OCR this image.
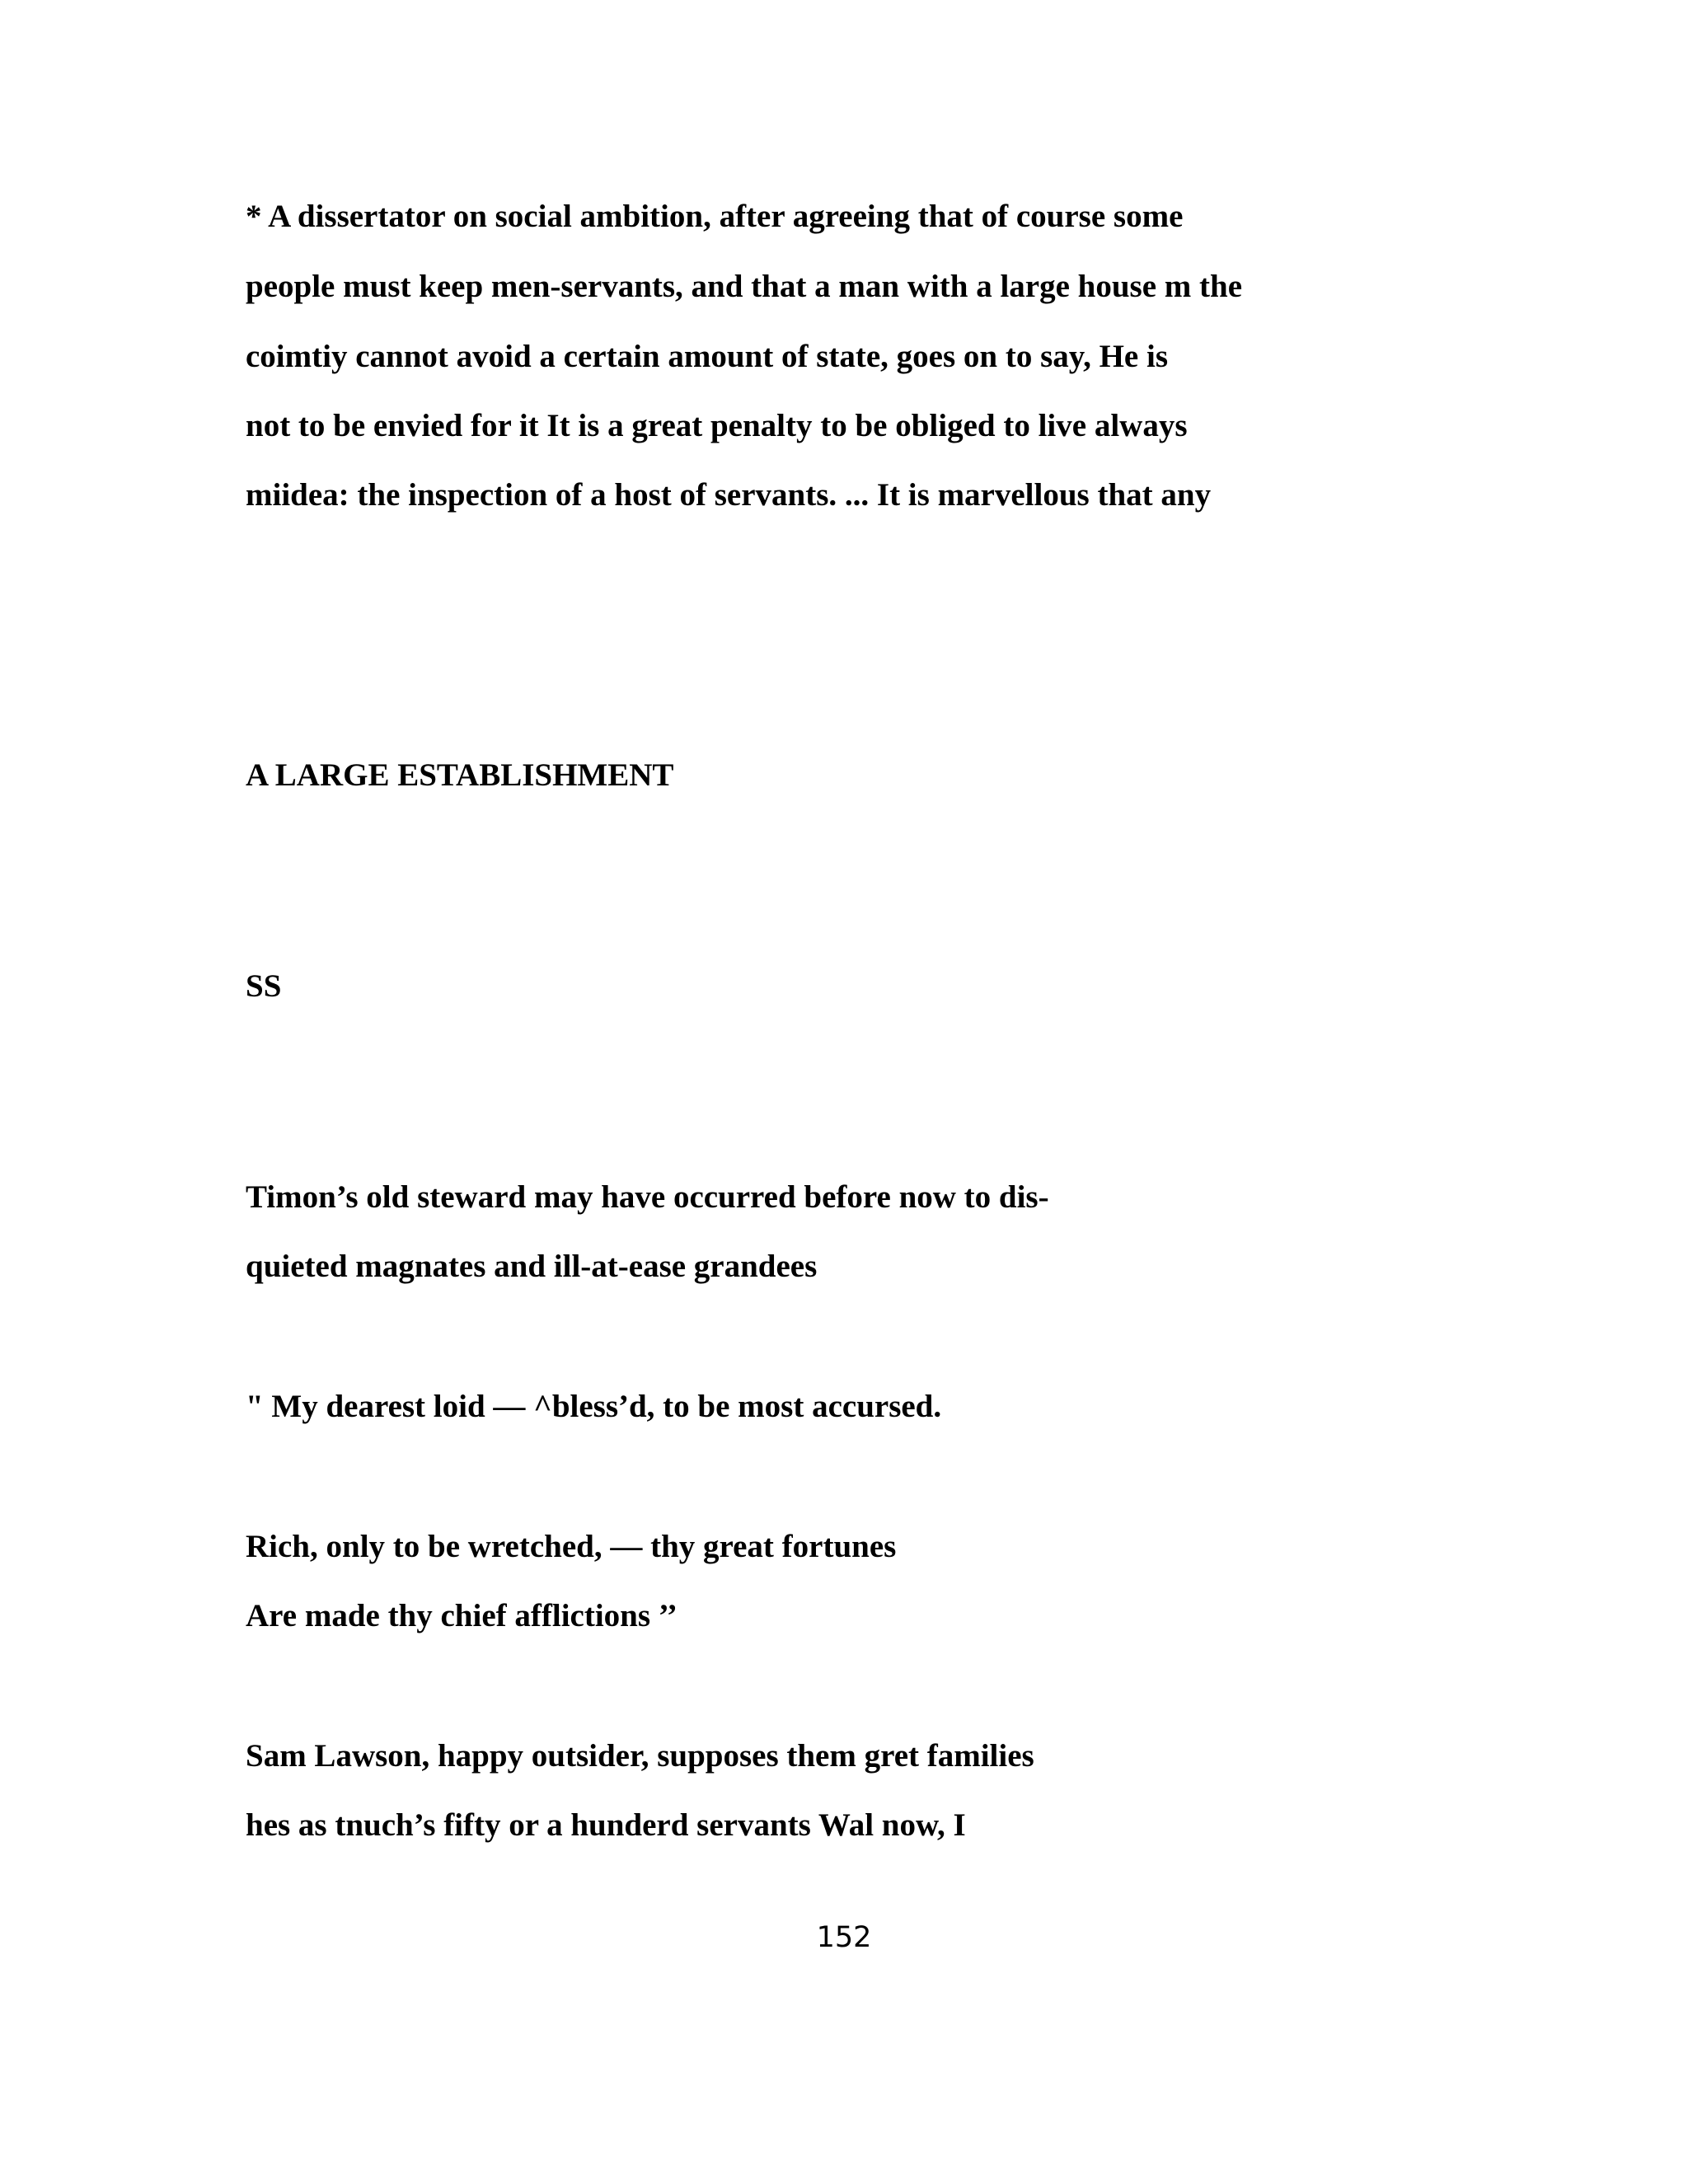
* A dissertator on social ambition, after agreeing that of course some
people must keep men-servants, and that a man with a large house m the
coimtiy cannot avoid a certain amount of state, goes on to say, He is
not to be envied for it It is a great penalty to be obliged to live always
miidea: the inspection of a host of servants. ... It is marvellous that any
A LARGE ESTABLISHMENT
SS
Timon’s old steward may have occurred before now to dis-
quieted magnates and ill-at-ease grandees
" My dearest loid — ^bless’d, to be most accursed.
Rich, only to be wretched, — thy great fortunes
Are made thy chief afflictions ’’
Sam Lawson, happy outsider, supposes them gret families
hes as tnuch’s fifty or a hunderd servants Wal now, I
152
